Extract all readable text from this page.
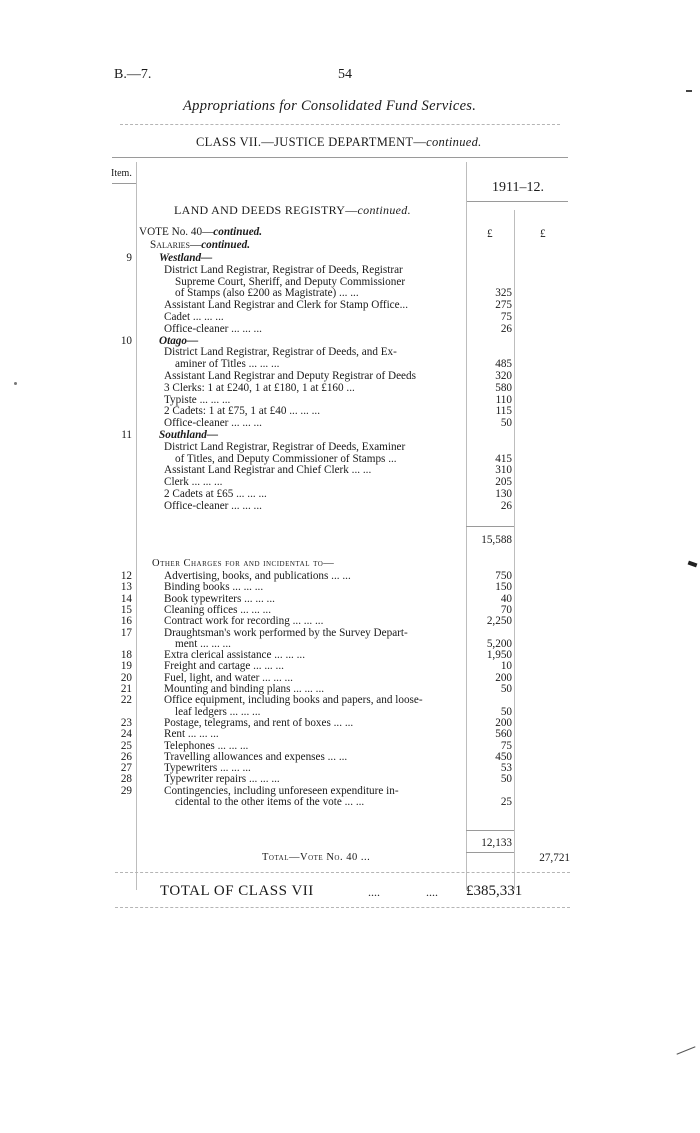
B.—7.	54
Appropriations for Consolidated Fund Services.
CLASS VII.—JUSTICE DEPARTMENT—continued.
Item.
1911–12.
LAND AND DEEDS REGISTRY—continued.
VOTE No. 40—continued.	£	£
Salaries—continued.
9 Westland—
District Land Registrar, Registrar of Deeds, Registrar
Supreme Court, Sheriff, and Deputy Commissioner
of Stamps (also £200 as Magistrate) ... ...	325
Assistant Land Registrar and Clerk for Stamp Office...	275
Cadet ... ... ...	75
Office-cleaner ... ... ...	26
10 Otago—
District Land Registrar, Registrar of Deeds, and Ex-
aminer of Titles ... ... ...	485
Assistant Land Registrar and Deputy Registrar of Deeds	320
3 Clerks: 1 at £240, 1 at £180, 1 at £160 ...	580
Typiste ... ... ...	110
2 Cadets: 1 at £75, 1 at £40 ... ... ...	115
Office-cleaner ... ... ...	50
11 Southland—
District Land Registrar, Registrar of Deeds, Examiner
of Titles, and Deputy Commissioner of Stamps ...	415
Assistant Land Registrar and Chief Clerk ... ...	310
Clerk ... ... ...	205
2 Cadets at £65 ... ... ...	130
Office-cleaner ... ... ...	26
15,588
Other Charges for and incidental to—
12	Advertising, books, and publications ... ...	750
13	Binding books ... ... ...	150
14	Book typewriters ... ... ...	40
15	Cleaning offices ... ... ...	70
16	Contract work for recording ... ... ...	2,250
17	Draughtsman's work performed by the Survey Depart-
ment ... ... ...	5,200
18	Extra clerical assistance ... ... ...	1,950
19	Freight and cartage ... ... ...	10
20	Fuel, light, and water ... ... ...	200
21	Mounting and binding plans ... ... ...	50
22	Office equipment, including books and papers, and loose-
leaf ledgers ... ... ...	50
23	Postage, telegrams, and rent of boxes ... ...	200
24	Rent ... ... ...	560
25	Telephones ... ... ...	75
26	Travelling allowances and expenses ... ...	450
27	Typewriters ... ... ...	53
28	Typewriter repairs ... ... ...	50
29	Contingencies, including unforeseen expenditure in-
cidental to the other items of the vote ... ...	25
12,133
Total—Vote No. 40 ...	27,721
TOTAL OF CLASS VII	....	.... £385,331
